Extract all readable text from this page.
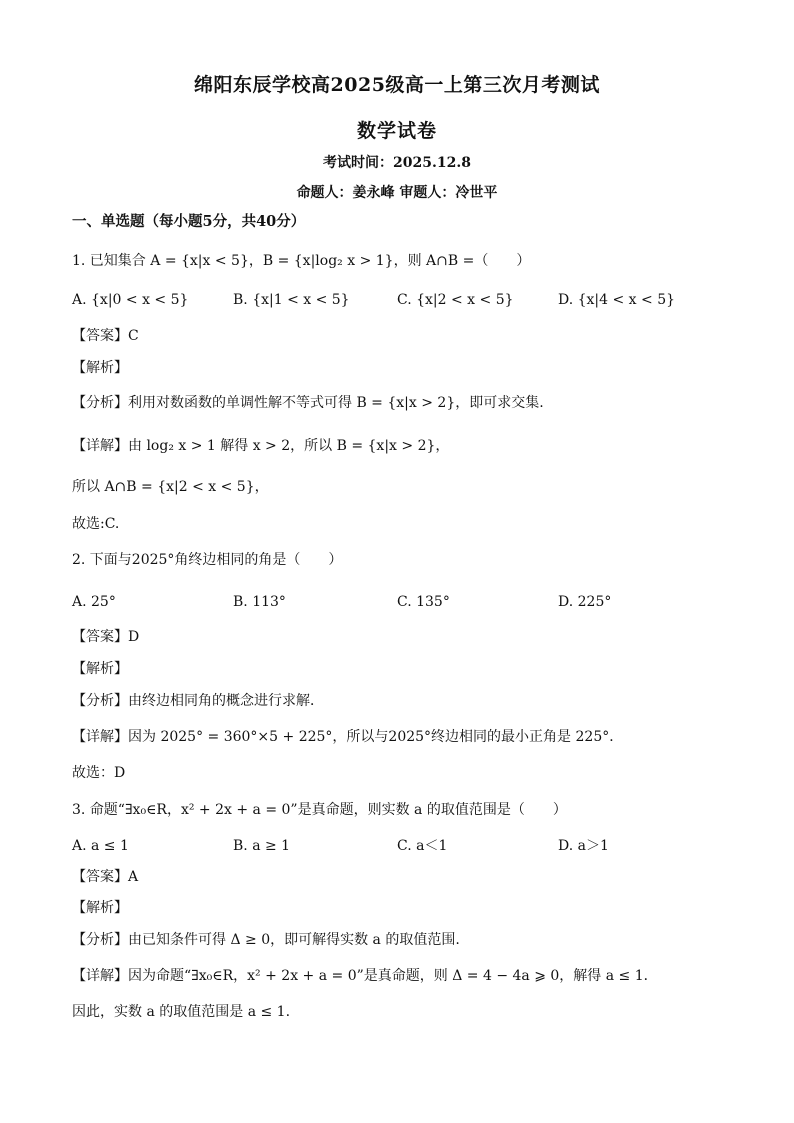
绵阳东辰学校高2025级高一上第三次月考测试
数学试卷
考试时间：2025.12.8
命题人：姜永峰 审题人：冷世平
一、单选题（每小题5分，共40分）
1. 已知集合 A = {x|x < 5}，B = {x|log₂ x > 1}，则 A∩B =（　　）
A. {x|0 < x < 5}	B. {x|1 < x < 5}	C. {x|2 < x < 5}	D. {x|4 < x < 5}
【答案】C
【解析】
【分析】利用对数函数的单调性解不等式可得 B = {x|x > 2}，即可求交集.
【详解】由 log₂ x > 1 解得 x > 2，所以 B = {x|x > 2}，
所以 A∩B = {x|2 < x < 5}，
故选:C.
2. 下面与2025°角终边相同的角是（　　）
A. 25°	B. 113°	C. 135°	D. 225°
【答案】D
【解析】
【分析】由终边相同角的概念进行求解．
【详解】因为 2025° = 360°×5 + 225°，所以与2025°终边相同的最小正角是 225°．
故选：D
3. 命题“∃x₀∈R，x² + 2x + a = 0”是真命题，则实数 a 的取值范围是（　　）
A. a ≤ 1	B. a ≥ 1	C. a＜1	D. a＞1
【答案】A
【解析】
【分析】由已知条件可得 Δ ≥ 0，即可解得实数 a 的取值范围.
【详解】因为命题“∃x₀∈R，x² + 2x + a = 0”是真命题，则 Δ = 4 − 4a ⩾ 0，解得 a ≤ 1．
因此，实数 a 的取值范围是 a ≤ 1.
